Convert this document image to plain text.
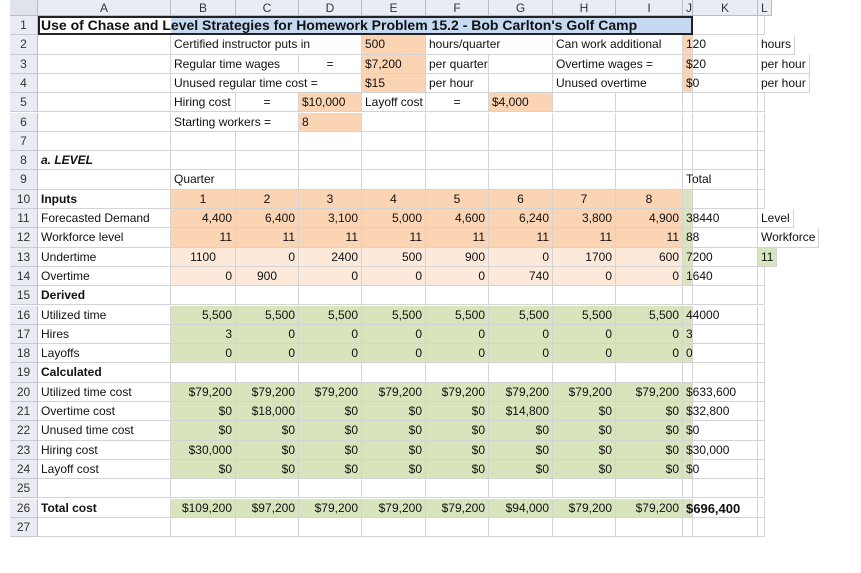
A	B	C	D	E	F	G	H	I	J	K	L
1	Use of Chase and Level Strategies for Homework Problem 15.2 - Bob Carlton's Golf Camp
2	Certified instructor puts in	500	hours/quarter	Can work additional	120	hours
3	Regular time wages	=	$7,200	per quarter	Overtime wages =	$20	per hour
4	Unused regular time cost =	$15	per hour	Unused overtime	$0	per hour
5	Hiring cost	=	$10,000	Layoff cost	=	$4,000
6	Starting workers =	8
7
8	a. LEVEL
9	Quarter	Total
10 Inputs	1	2	3	4	5	6	7	8
11 Forecasted Demand	4,400	6,400	3,100	5,000	4,600	6,240	3,800	4,900 38440	Level
12 Workforce level	11	11	11	11	11	11	11	11 88	Workforce
13 Undertime	1100	0	2400	500	900	0	1700	600 7200	11
14 Overtime	0	900	0	0	0	740	0	0 1640
15 Derived
16 Utilized time	5,500	5,500	5,500	5,500	5,500	5,500	5,500	5,500 44000
17 Hires	3	0	0	0	0	0	0	0 3
18 Layoffs	0	0	0	0	0	0	0	0 0
19 Calculated
20 Utilized time cost	$79,200	$79,200	$79,200	$79,200	$79,200	$79,200	$79,200	$79,200 $633,600
21 Overtime cost	$0	$18,000	$0	$0	$0	$14,800	$0	$0 $32,800
22 Unused time cost	$0	$0	$0	$0	$0	$0	$0	$0 $0
23 Hiring cost	$30,000	$0	$0	$0	$0	$0	$0	$0 $30,000
24 Layoff cost	$0	$0	$0	$0	$0	$0	$0	$0 $0
25
26 Total cost	$109,200	$97,200	$79,200	$79,200	$79,200	$94,000	$79,200	$79,200 $696,400
27
